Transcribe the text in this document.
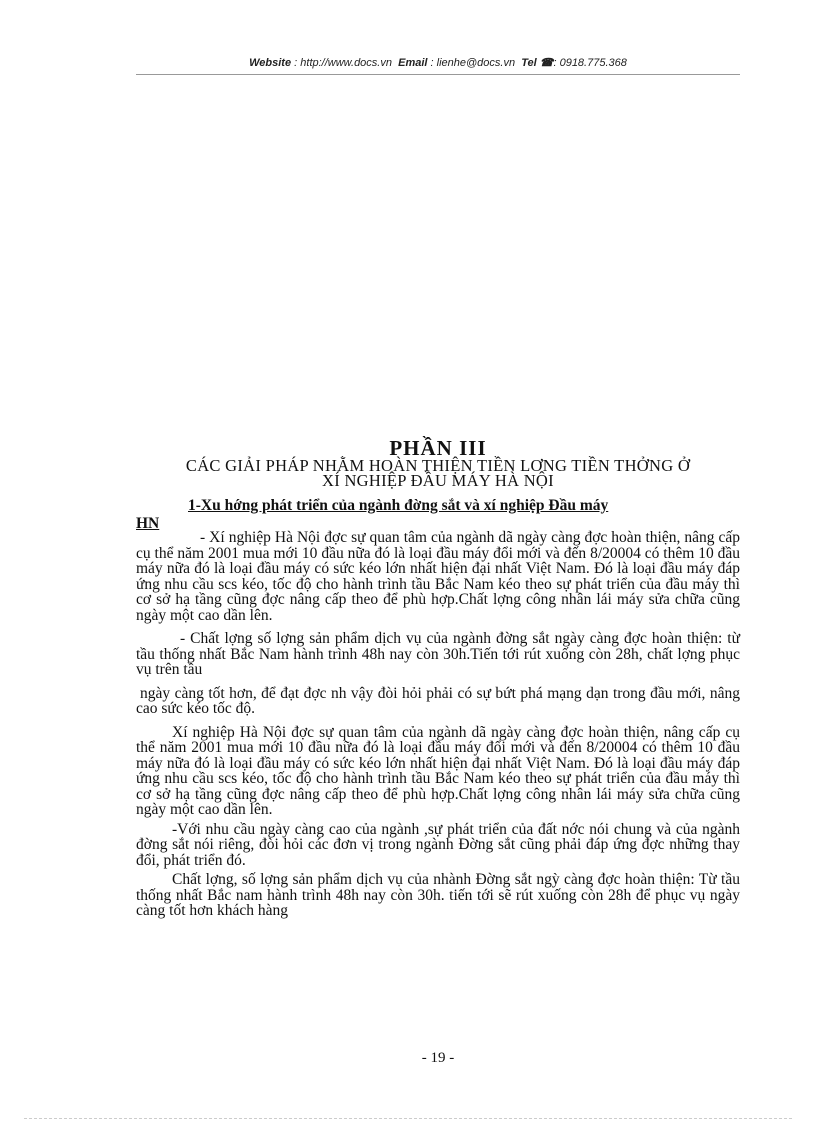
Website : http://www.docs.vn Email : lienhe@docs.vn Tel ☎: 0918.775.368
PHẦN III
CÁC GIẢI PHÁP NHẰM HOÀN THIỆN TIỀN LƠNG TIỀN THỞNG Ở
XÍ NGHIỆP ĐẦU MÁY HÀ NỘI
1-Xu hớng phát triển của ngành đờng sắt và xí nghiệp Đầu máy
HN

- Xí nghiệp Hà Nội đợc sự quan tâm của ngành dã ngày càng đợc hoàn thiện, nâng cấp cụ thể năm 2001 mua mới 10 đầu nữa đó là loại đầu máy đổi mới và đến 8/20004 có thêm 10 đầu máy nữa đó là loại đầu máy có sức kéo lớn nhất hiện đại nhất Việt Nam. Đó là loại đầu máy đáp ứng nhu cầu scs kéo, tốc độ cho hành trình tầu Bắc Nam kéo theo sự phát triển của đầu máy thì cơ sở hạ tầng cũng đợc nâng cấp theo để phù hợp.Chất lợng công nhân lái máy sửa chữa cũng ngày một cao dần lên.

- Chất lợng số lợng sản phẩm dịch vụ của ngành đờng sắt ngày càng đợc hoàn thiện: từ tầu thống nhất Bắc Nam hành trình 48h nay còn 30h.Tiến tới rút xuống còn 28h, chất lợng phục vụ trên tầu

ngày càng tốt hơn, để đạt đợc nh vậy đòi hỏi phải có sự bứt phá mạng dạn trong đầu mới, nâng cao sức kéo tốc độ.

Xí nghiệp Hà Nội đợc sự quan tâm của ngành dã ngày càng đợc hoàn thiện, nâng cấp cụ thể năm 2001 mua mới 10 đầu nữa đó là loại đầu máy đổi mới và đến 8/20004 có thêm 10 đầu máy nữa đó là loại đầu máy có sức kéo lớn nhất hiện đại nhất Việt Nam. Đó là loại đầu máy đáp ứng nhu cầu scs kéo, tốc độ cho hành trình tầu Bắc Nam kéo theo sự phát triển của đầu máy thì cơ sở hạ tầng cũng đợc nâng cấp theo để phù hợp.Chất lợng công nhân lái máy sửa chữa cũng ngày một cao dần lên.

-Với nhu cầu ngày càng cao của ngành ,sự phát triển của đất nớc nói chung và của ngành đờng sắt nói riêng, đòi hỏi các đơn vị trong ngành Đờng sắt cũng phải đáp ứng đợc những thay đổi, phát triển đó.

Chất lợng, số lợng sản phẩm dịch vụ của nhành Đờng sắt ngỳ càng đợc hoàn thiện: Từ tầu thống nhất Bắc nam hành trình 48h nay còn 30h. tiến tới sẽ rút xuống còn 28h để phục vụ ngày càng tốt hơn khách hàng

- 19 -
